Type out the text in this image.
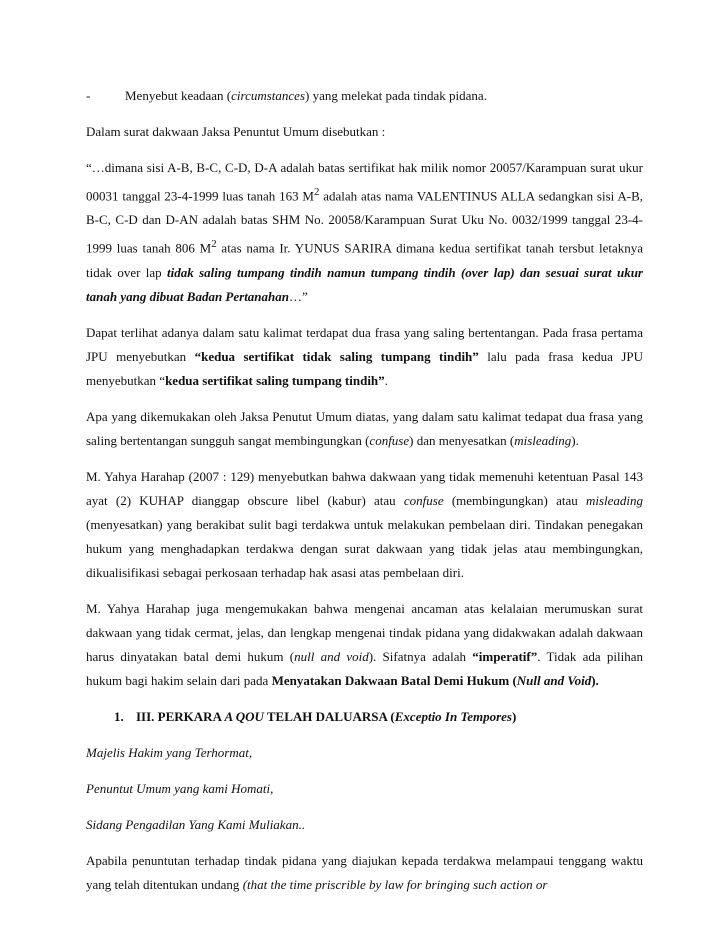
-	Menyebut keadaan (circumstances) yang melekat pada tindak pidana.

Dalam surat dakwaan Jaksa Penuntut Umum disebutkan :

“…dimana sisi A-B, B-C, C-D, D-A adalah batas sertifikat hak milik nomor 20057/Karampuan surat ukur 00031 tanggal 23-4-1999 luas tanah 163 $M^2$ adalah atas nama VALENTINUS ALLA sedangkan sisi A-B, B-C, C-D dan D-AN adalah batas SHM No. 20058/Karampuan Surat Uku No. 0032/1999 tanggal 23-4-1999 luas tanah 806 $M^2$ atas nama Ir. YUNUS SARIRA dimana kedua sertifikat tanah tersbut letaknya tidak over lap tidak saling tumpang tindih namun tumpang tindih (over lap) dan sesuai surat ukur tanah yang dibuat Badan Pertanahan…”

Dapat terlihat adanya dalam satu kalimat terdapat dua frasa yang saling bertentangan. Pada frasa pertama JPU menyebutkan “kedua sertifikat tidak saling tumpang tindih” lalu pada frasa kedua JPU menyebutkan “kedua sertifikat saling tumpang tindih”.

Apa yang dikemukakan oleh Jaksa Penutut Umum diatas, yang dalam satu kalimat tedapat dua frasa yang saling bertentangan sungguh sangat membingungkan (confuse) dan menyesatkan (misleading).

M. Yahya Harahap (2007 : 129) menyebutkan bahwa dakwaan yang tidak memenuhi ketentuan Pasal 143 ayat (2) KUHAP dianggap obscure libel (kabur) atau confuse (membingungkan) atau misleading (menyesatkan) yang berakibat sulit bagi terdakwa untuk melakukan pembelaan diri. Tindakan penegakan hukum yang menghadapkan terdakwa dengan surat dakwaan yang tidak jelas atau membingungkan, dikualisifikasi sebagai perkosaan terhadap hak asasi atas pembelaan diri.

M. Yahya Harahap juga mengemukakan bahwa mengenai ancaman atas kelalaian merumuskan surat dakwaan yang tidak cermat, jelas, dan lengkap mengenai tindak pidana yang didakwakan adalah dakwaan harus dinyatakan batal demi hukum (null and void). Sifatnya adalah “imperatif”. Tidak ada pilihan hukum bagi hakim selain dari pada Menyatakan Dakwaan Batal Demi Hukum (Null and Void).

1. III. PERKARA A QOU TELAH DALUARSA (Exceptio In Tempores)

Majelis Hakim yang Terhormat,

Penuntut Umum yang kami Homati,

Sidang Pengadilan Yang Kami Muliakan..

Apabila penuntutan terhadap tindak pidana yang diajukan kepada terdakwa melampaui tenggang waktu yang telah ditentukan undang (that the time priscrible by law for bringing such action or
